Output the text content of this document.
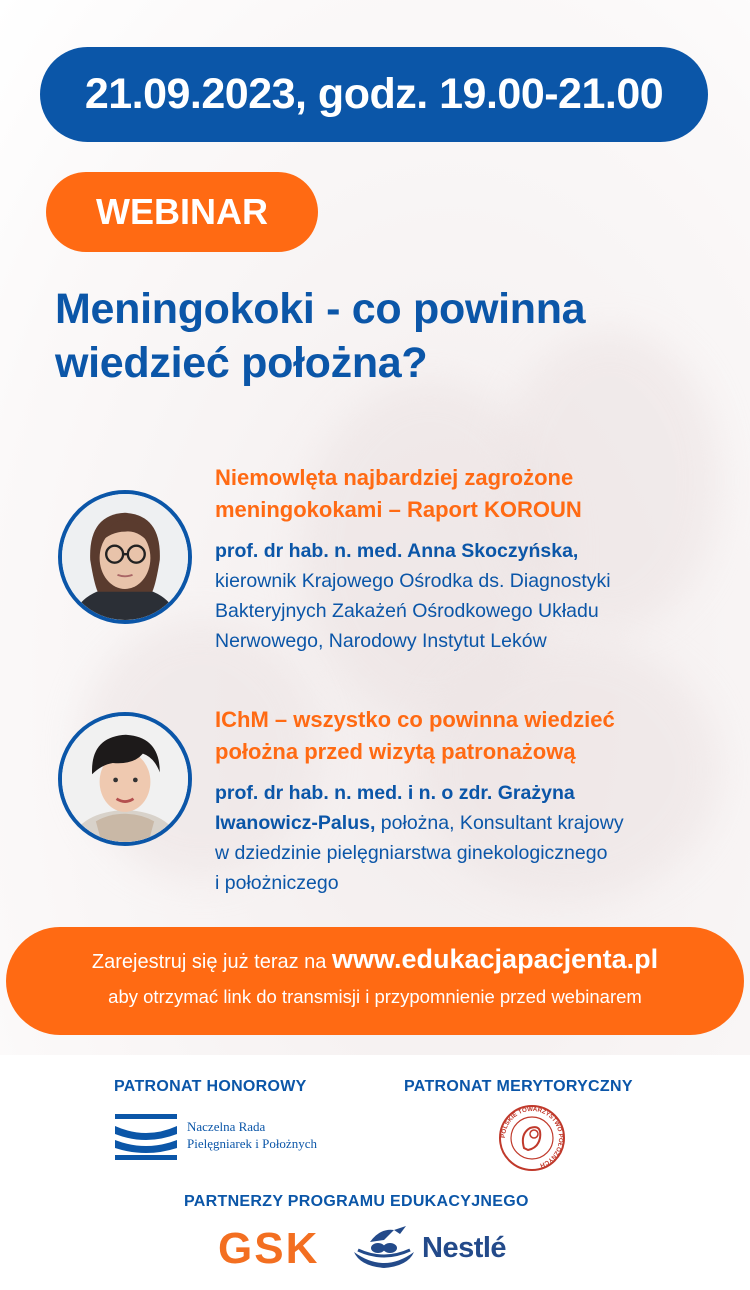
21.09.2023, godz. 19.00-21.00
WEBINAR
Meningokoki - co powinna
wiedzieć położna?
Niemowlęta najbardziej zagrożone
meningokokami – Raport KOROUN
prof. dr hab. n. med. Anna Skoczyńska,
kierownik Krajowego Ośrodka ds. Diagnostyki
Bakteryjnych Zakażeń Ośrodkowego Układu
Nerwowego, Narodowy Instytut Leków
IChM – wszystko co powinna wiedzieć
położna przed wizytą patronażową
prof. dr hab. n. med. i n. o zdr. Grażyna
Iwanowicz-Palus, położna, Konsultant krajowy
w dziedzinie pielęgniarstwa ginekologicznego
i położniczego
Zarejestruj się już teraz na www.edukacjapacjenta.pl
aby otrzymać link do transmisji i przypomnienie przed webinarem
PATRONAT HONOROWY	PATRONAT MERYTORYCZNY
Naczelna Rada
Pielęgniarek i Położnych
POLSKIE TOWARZYSTWO POŁOŻNYCH
PARTNERZY PROGRAMU EDUKACYJNEGO
GSK	Nestlé
